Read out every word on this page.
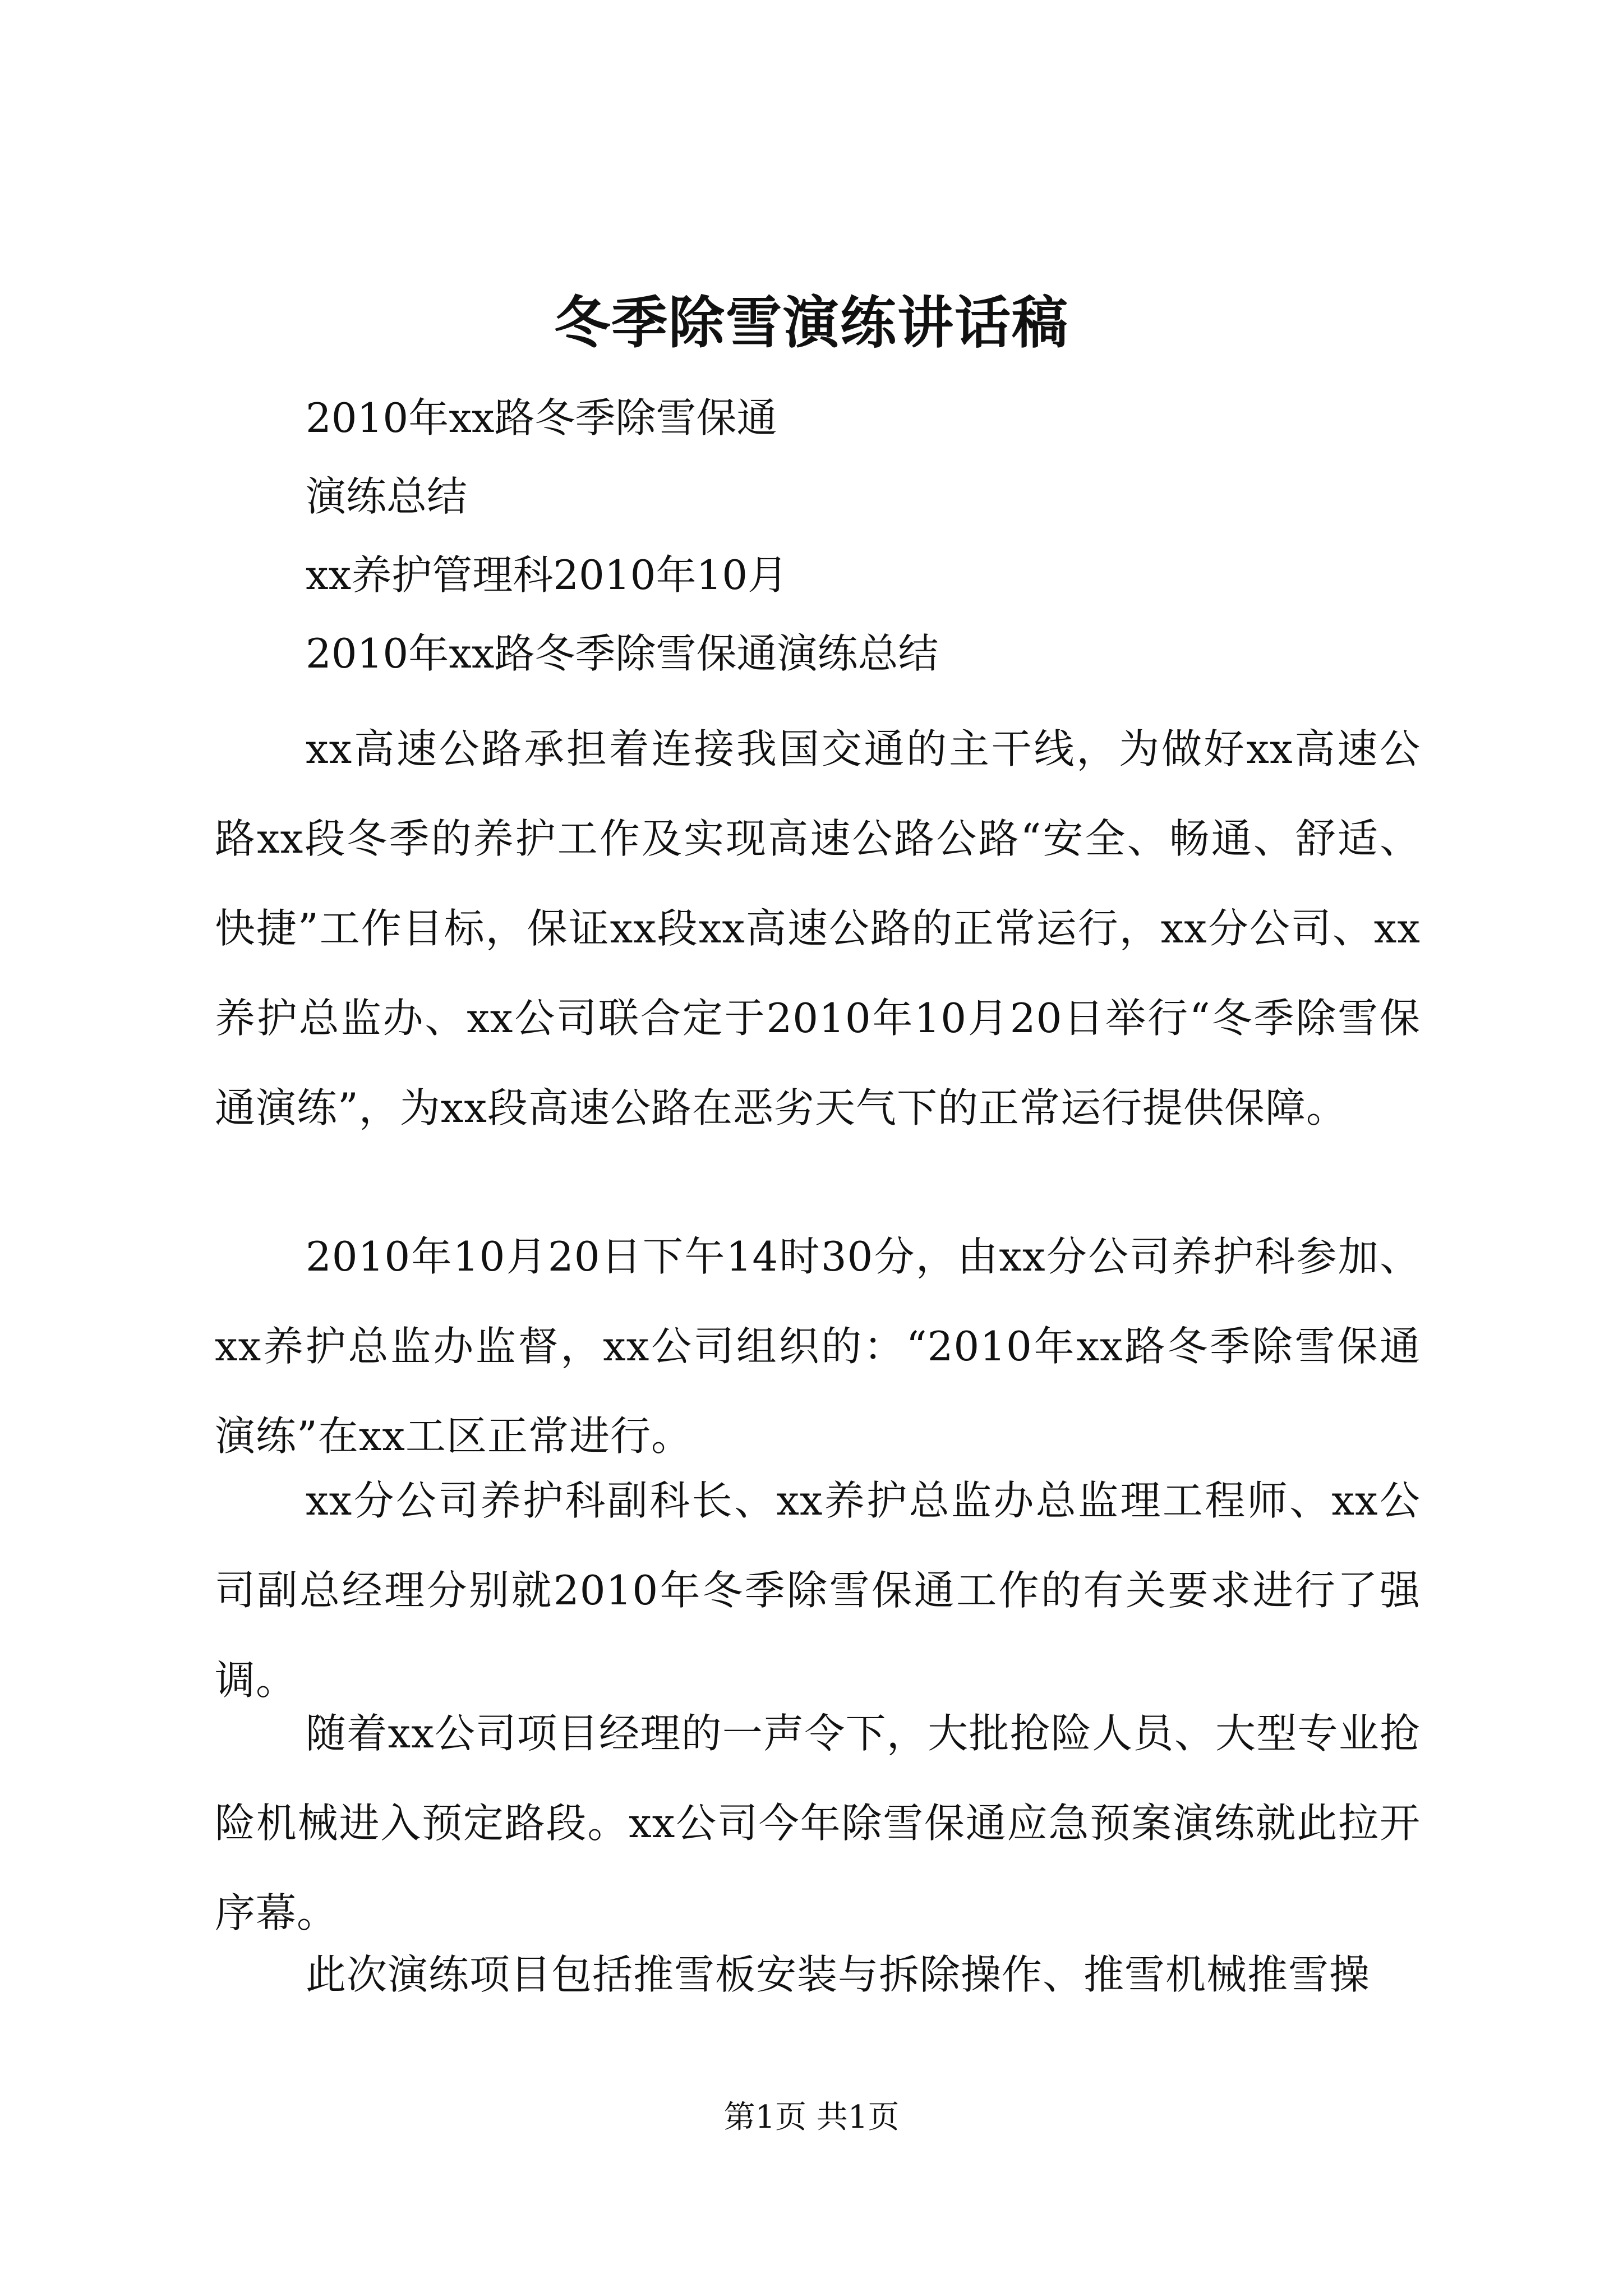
冬季除雪演练讲话稿
2010年xx路冬季除雪保通
演练总结
xx养护管理科2010年10月
2010年xx路冬季除雪保通演练总结

xx高速公路承担着连接我国交通的主干线，为做好xx高速公路xx段冬季的养护工作及实现高速公路公路“安全、畅通、舒适、快捷”工作目标，保证xx段xx高速公路的正常运行，xx分公司、xx养护总监办、xx公司联合定于2010年10月20日举行“冬季除雪保通演练”，为xx段高速公路在恶劣天气下的正常运行提供保障。

2010年10月20日下午14时30分，由xx分公司养护科参加、xx养护总监办监督，xx公司组织的：“2010年xx路冬季除雪保通演练”在xx工区正常进行。

xx分公司养护科副科长、xx养护总监办总监理工程师、xx公司副总经理分别就2010年冬季除雪保通工作的有关要求进行了强调。

随着xx公司项目经理的一声令下，大批抢险人员、大型专业抢险机械进入预定路段。xx公司今年除雪保通应急预案演练就此拉开序幕。

此次演练项目包括推雪板安装与拆除操作、推雪机械推雪操

第1页 共1页
